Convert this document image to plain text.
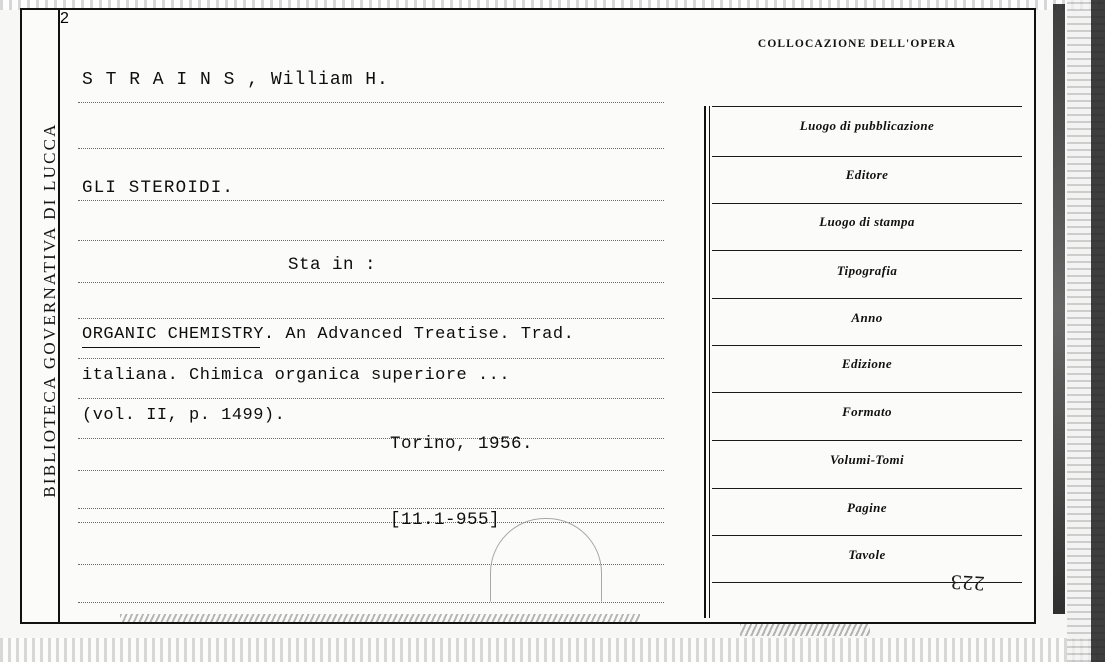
BIBLIOTECA GOVERNATIVA DI LUCCA
S T R A I N S , William H.
GLI STEROIDI.
Sta in :
ORGANIC CHEMISTRY. An Advanced Treatise. Trad.
italiana. Chimica organica superiore ...
(vol. II, p. 1499).
Torino, 1956.
[11.1-955]
2
COLLOCAZIONE DELL'OPERA
Luogo di pubblicazione
Editore
Luogo di stampa
Tipografia
Anno
Edizione
Formato
Volumi-Tomi
Pagine
Tavole
223
